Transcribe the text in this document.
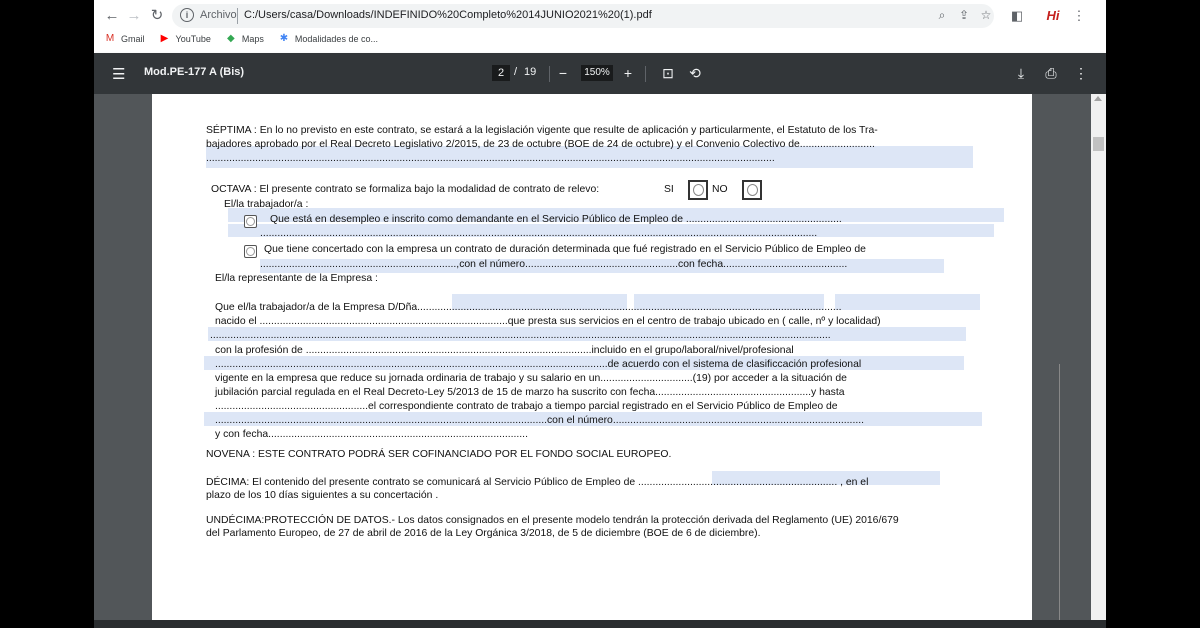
← → ↻	i	Archivo C:/Users/casa/Downloads/INDEFINIDO%20Completo%2014JUNIO2021%20(1).pdf	⌕	⇪ ☆ ◧ Hi ⋮
M Gmail ▶ YouTube ◆ Maps ✱ Modalidades de co...
☰ Mod.PE-177 A (Bis)	2 / 19	−	150%	+	⊡ ⟲	⤓	⎙ ⋮
SÉPTIMA : En lo no previsto en este contrato, se estará a la legislación vigente que resulte de aplicación y particularmente, el Estatuto de los Tra-
bajadores aprobado por el Real Decreto Legislativo 2/2015, de 23 de octubre (BOE de 24 de octubre) y el Convenio Colectivo de..........................
.....................................................................................................................................................................................................
OCTAVA : El presente contrato se formaliza bajo la modalidad de contrato de relevo:	SI	NO
El/la trabajador/a :
Que está en desempleo e inscrito como demandante en el Servicio Público de Empleo de ......................................................
.................................................................................................................................................................................................
Que tiene concertado con la empresa un contrato de duración determinada que fué registrado en el Servicio Público de Empleo de
....................................................................,con el número.....................................................con fecha...........................................
El/la representante de la Empresa :
Que el/la trabajador/a de la Empresa D/Dña...................................................................................................................................................
nacido el ......................................................................................que presta sus servicios en el centro de trabajo ubicado en ( calle, nº y localidad)
.......................................................................................................................................................................................................................
con la profesión de ...................................................................................................incluido en el grupo/laboral/nivel/profesional
........................................................................................................................................de acuerdo con el sistema de clasificcación profesional
vigente en la empresa que reduce su jornada ordinaria de trabajo y su salario en un................................(19) por acceder a la situación de
jubilación parcial regulada en el Real Decreto-Ley 5/2013 de 15 de marzo ha suscrito con fecha......................................................y hasta
.....................................................el correspondiente contrato de trabajo a tiempo parcial registrado en el Servicio Público de Empleo de
...................................................................................................................con el número.......................................................................................
y con fecha..........................................................................................
NOVENA : ESTE CONTRATO PODRÁ SER COFINANCIADO POR EL FONDO SOCIAL EUROPEO.
DÉCIMA: El contenido del presente contrato se comunicará al Servicio Público de Empleo de ..................................................................... , en el
plazo de los 10 días siguientes a su concertación .
UNDÉCIMA:PROTECCIÓN DE DATOS.- Los datos consignados en el presente modelo tendrán la protección derivada del Reglamento (UE) 2016/679
del Parlamento Europeo, de 27 de abril de 2016 de la Ley Orgánica 3/2018, de 5 de diciembre (BOE de 6 de diciembre).
